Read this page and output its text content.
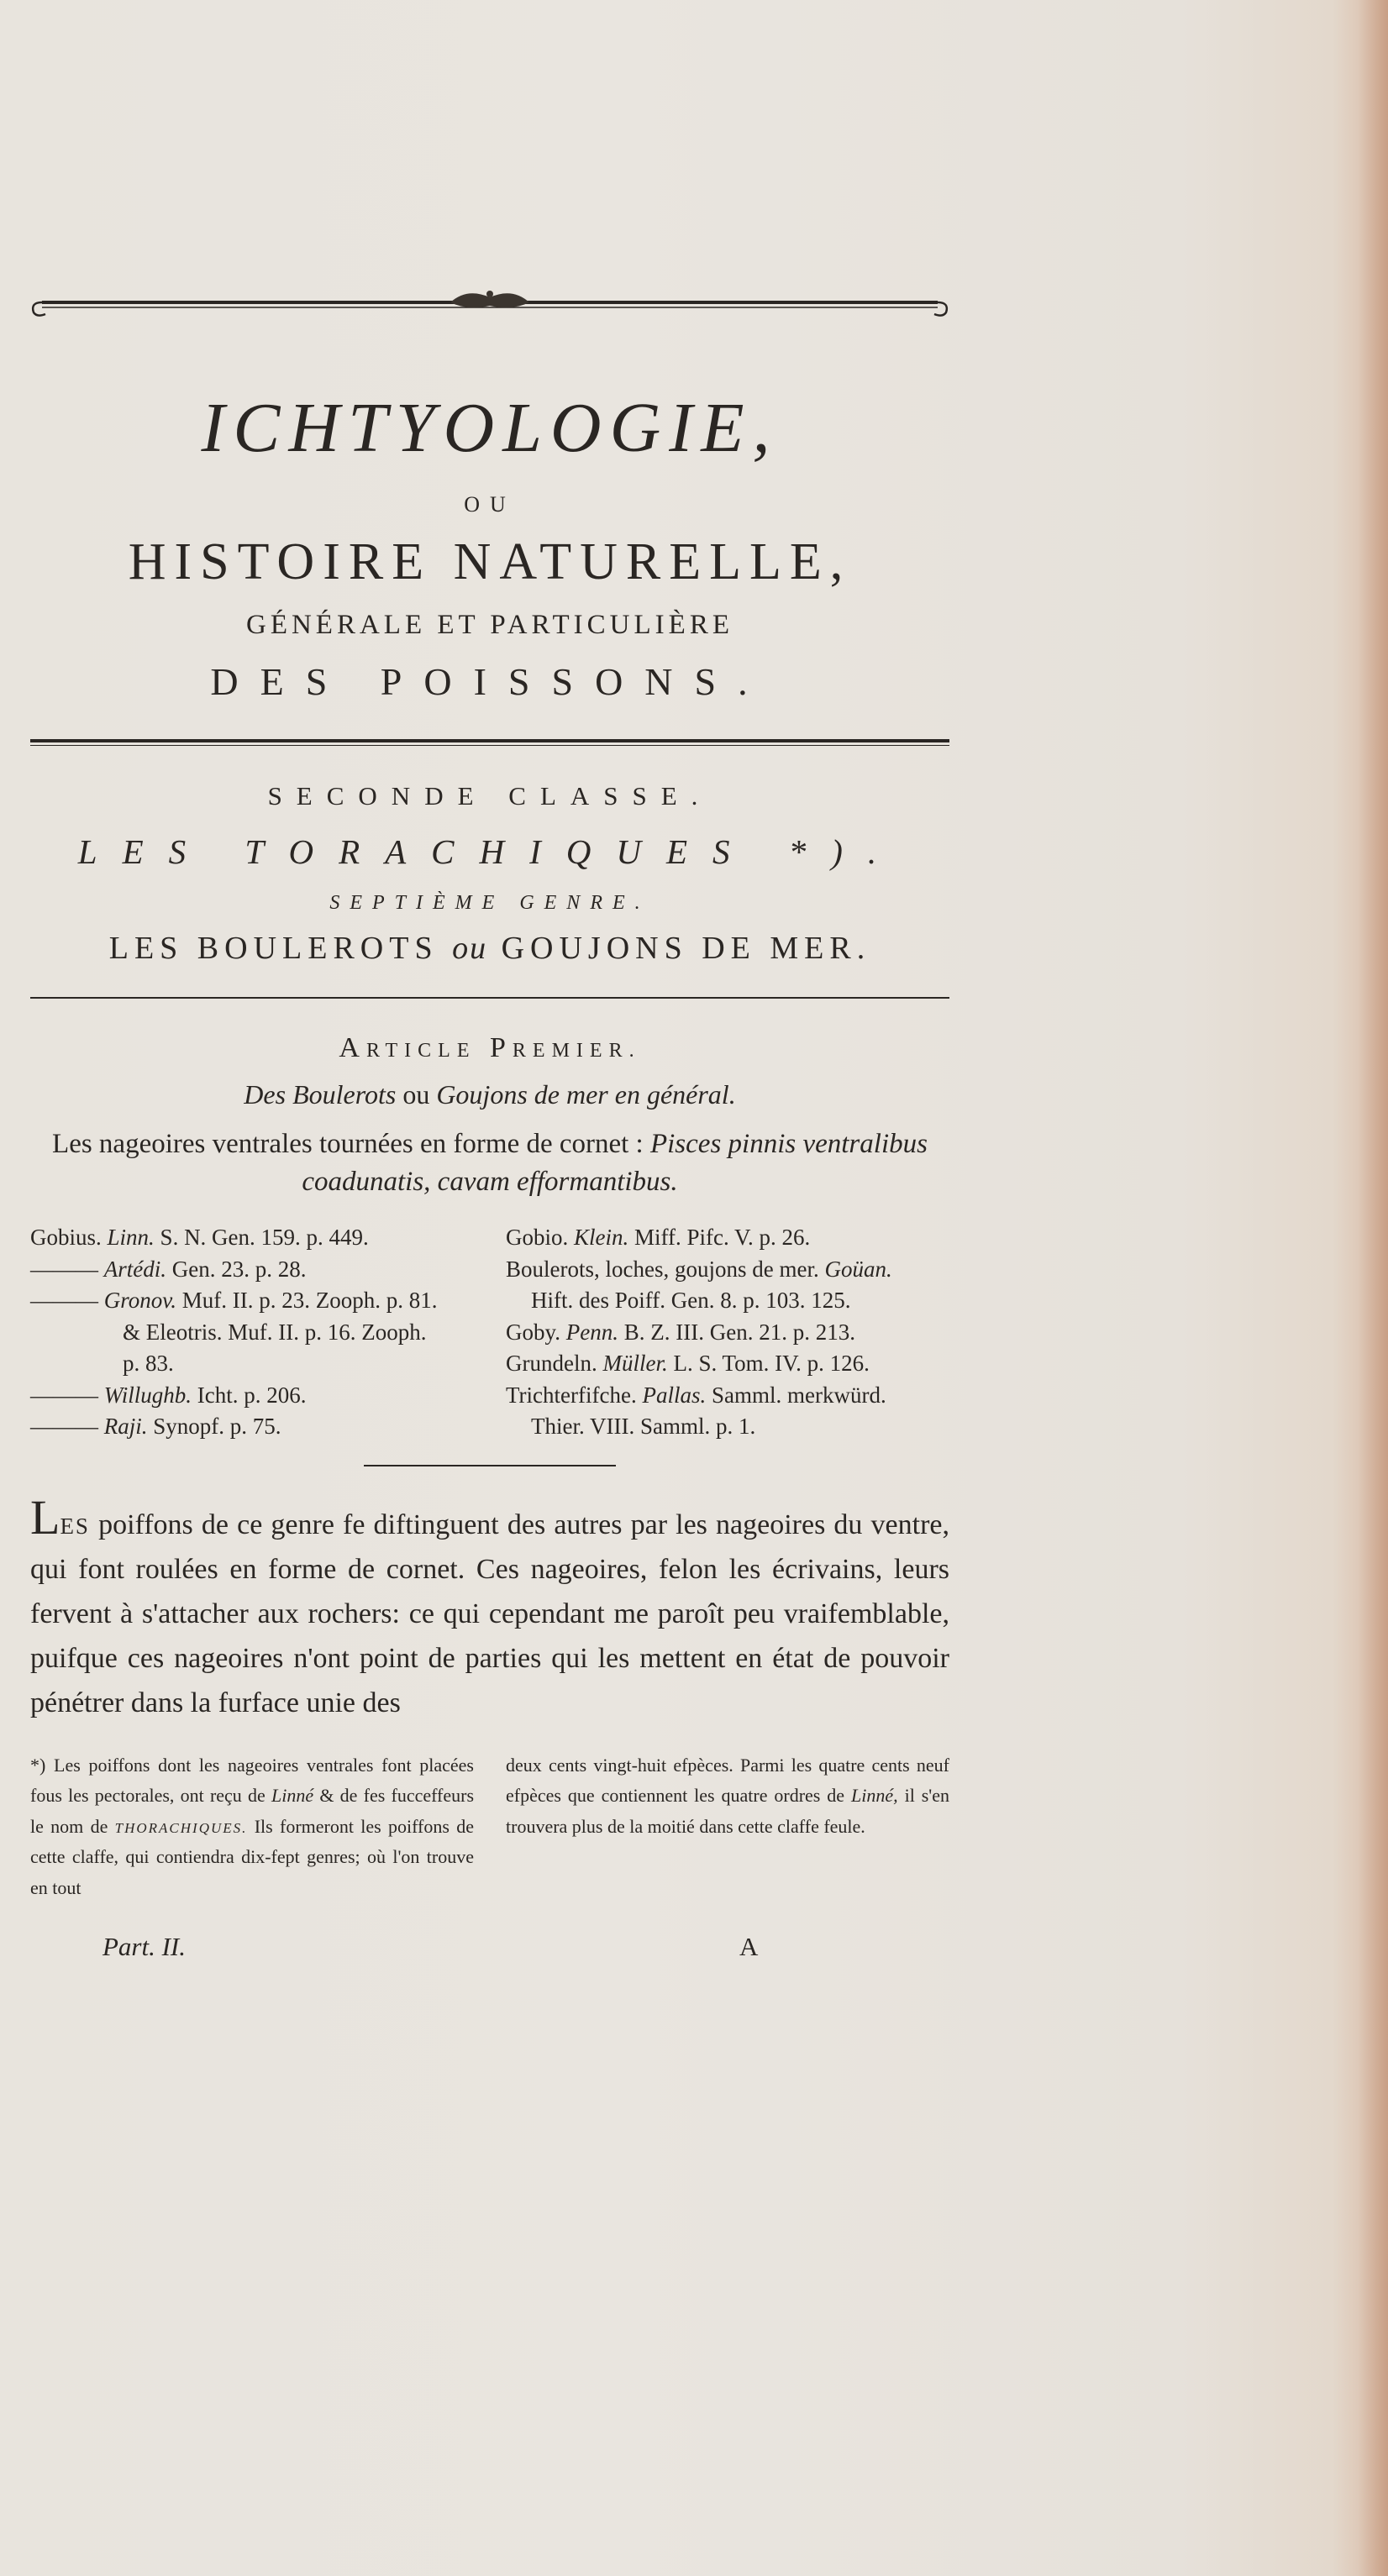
ICHTYOLOGIE,
OU
HISTOIRE NATURELLE,
GÉNÉRALE ET PARTICULIÈRE
DES POISSONS.
SECONDE CLASSE.
LES TORACHIQUES *).
SEPTIÈME GENRE.
LES BOULEROTS ou GOUJONS DE MER.
ARTICLE PREMIER.
Des Boulerots ou Goujons de mer en général.
Les nageoires ventrales tournées en forme de cornet : Pisces pinnis ventralibus coadunatis, cavam efformantibus.
Gobius. Linn. S. N. Gen. 159. p. 449.
——— Artédi. Gen. 23. p. 28.
——— Gronov. Muf. II. p. 23. Zooph. p. 81.
& Eleotris. Muf. II. p. 16. Zooph.
p. 83.
——— Willughb. Icht. p. 206.
——— Raji. Synopf. p. 75.
Gobio. Klein. Miff. Pifc. V. p. 26.
Boulerots, loches, goujons de mer. Goüan.
Hift. des Poiff. Gen. 8. p. 103. 125.
Goby. Penn. B. Z. III. Gen. 21. p. 213.
Grundeln. Müller. L. S. Tom. IV. p. 126.
Trichterfifche. Pallas. Samml. merkwürd.
Thier. VIII. Samml. p. 1.
LES poiffons de ce genre fe diftinguent des autres par les nageoires du ventre, qui font roulées en forme de cornet. Ces nageoires, felon les écrivains, leurs fervent à s'attacher aux rochers: ce qui cependant me paroît peu vraifemblable, puifque ces nageoires n'ont point de parties qui les mettent en état de pouvoir pénétrer dans la furface unie des
*) Les poiffons dont les nageoires ventrales font placées fous les pectorales, ont reçu de Linné & de fes fucceffeurs le nom de THORACHIQUES. Ils formeront les poiffons de cette claffe, qui contiendra dix-fept genres; où l'on trouve en tout
deux cents vingt-huit efpèces. Parmi les quatre cents neuf efpèces que contiennent les quatre ordres de Linné, il s'en trouvera plus de la moitié dans cette claffe feule.
Part. II.	A
